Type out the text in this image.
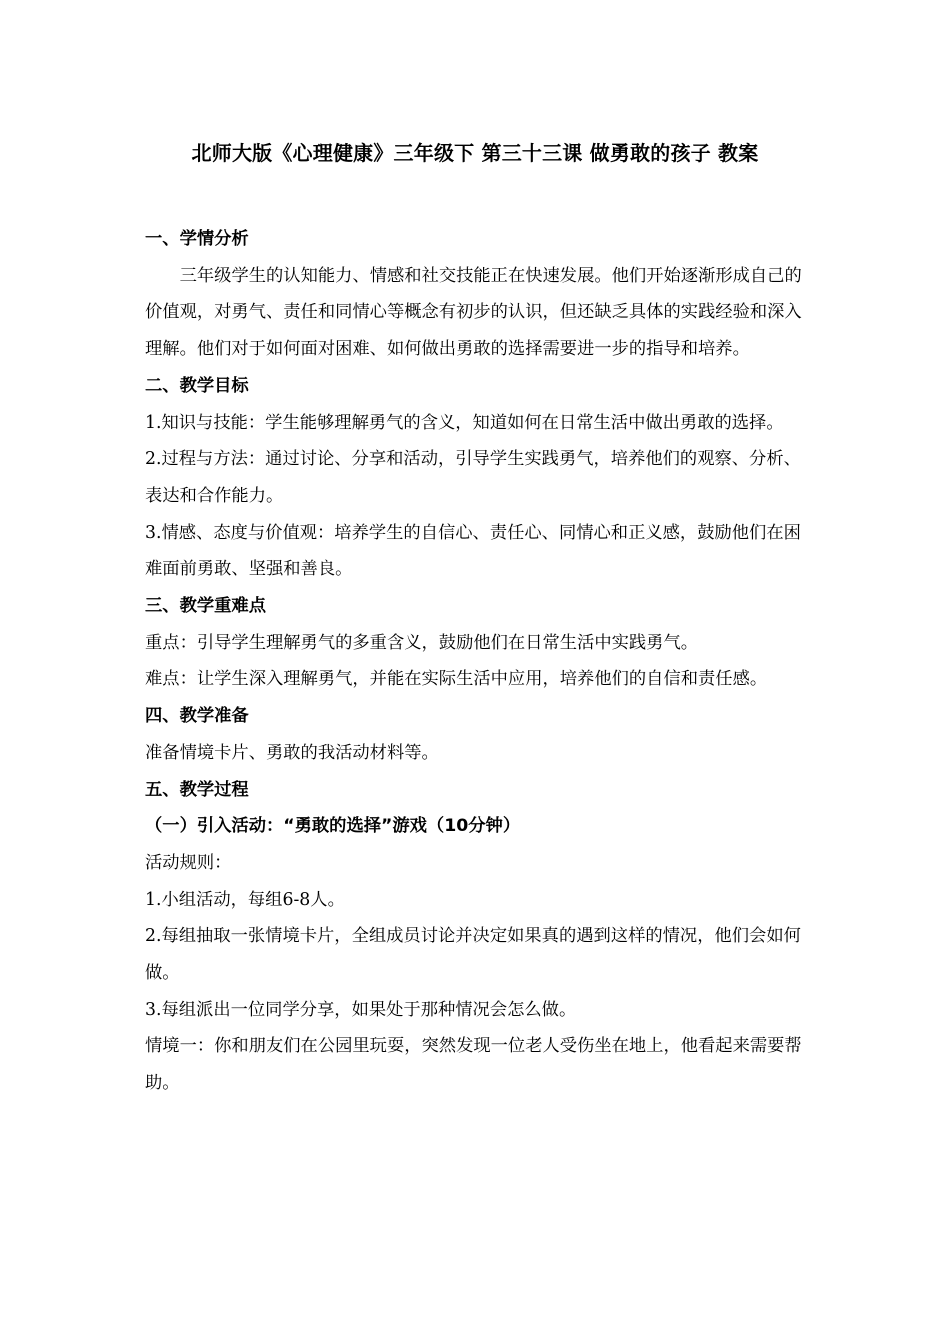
北师大版《心理健康》三年级下 第三十三课 做勇敢的孩子 教案

一、学情分析

三年级学生的认知能力、情感和社交技能正在快速发展。他们开始逐渐形成自己的价值观，对勇气、责任和同情心等概念有初步的认识，但还缺乏具体的实践经验和深入理解。他们对于如何面对困难、如何做出勇敢的选择需要进一步的指导和培养。

二、教学目标

1.知识与技能：学生能够理解勇气的含义，知道如何在日常生活中做出勇敢的选择。

2.过程与方法：通过讨论、分享和活动，引导学生实践勇气，培养他们的观察、分析、表达和合作能力。

3.情感、态度与价值观：培养学生的自信心、责任心、同情心和正义感，鼓励他们在困难面前勇敢、坚强和善良。

三、教学重难点

重点：引导学生理解勇气的多重含义，鼓励他们在日常生活中实践勇气。

难点：让学生深入理解勇气，并能在实际生活中应用，培养他们的自信和责任感。

四、教学准备

准备情境卡片、勇敢的我活动材料等。

五、教学过程

（一）引入活动：“勇敢的选择”游戏（10分钟）

活动规则：

1.小组活动，每组6-8人。

2.每组抽取一张情境卡片，全组成员讨论并决定如果真的遇到这样的情况，他们会如何做。

3.每组派出一位同学分享，如果处于那种情况会怎么做。

情境一：你和朋友们在公园里玩耍，突然发现一位老人受伤坐在地上，他看起来需要帮助。
